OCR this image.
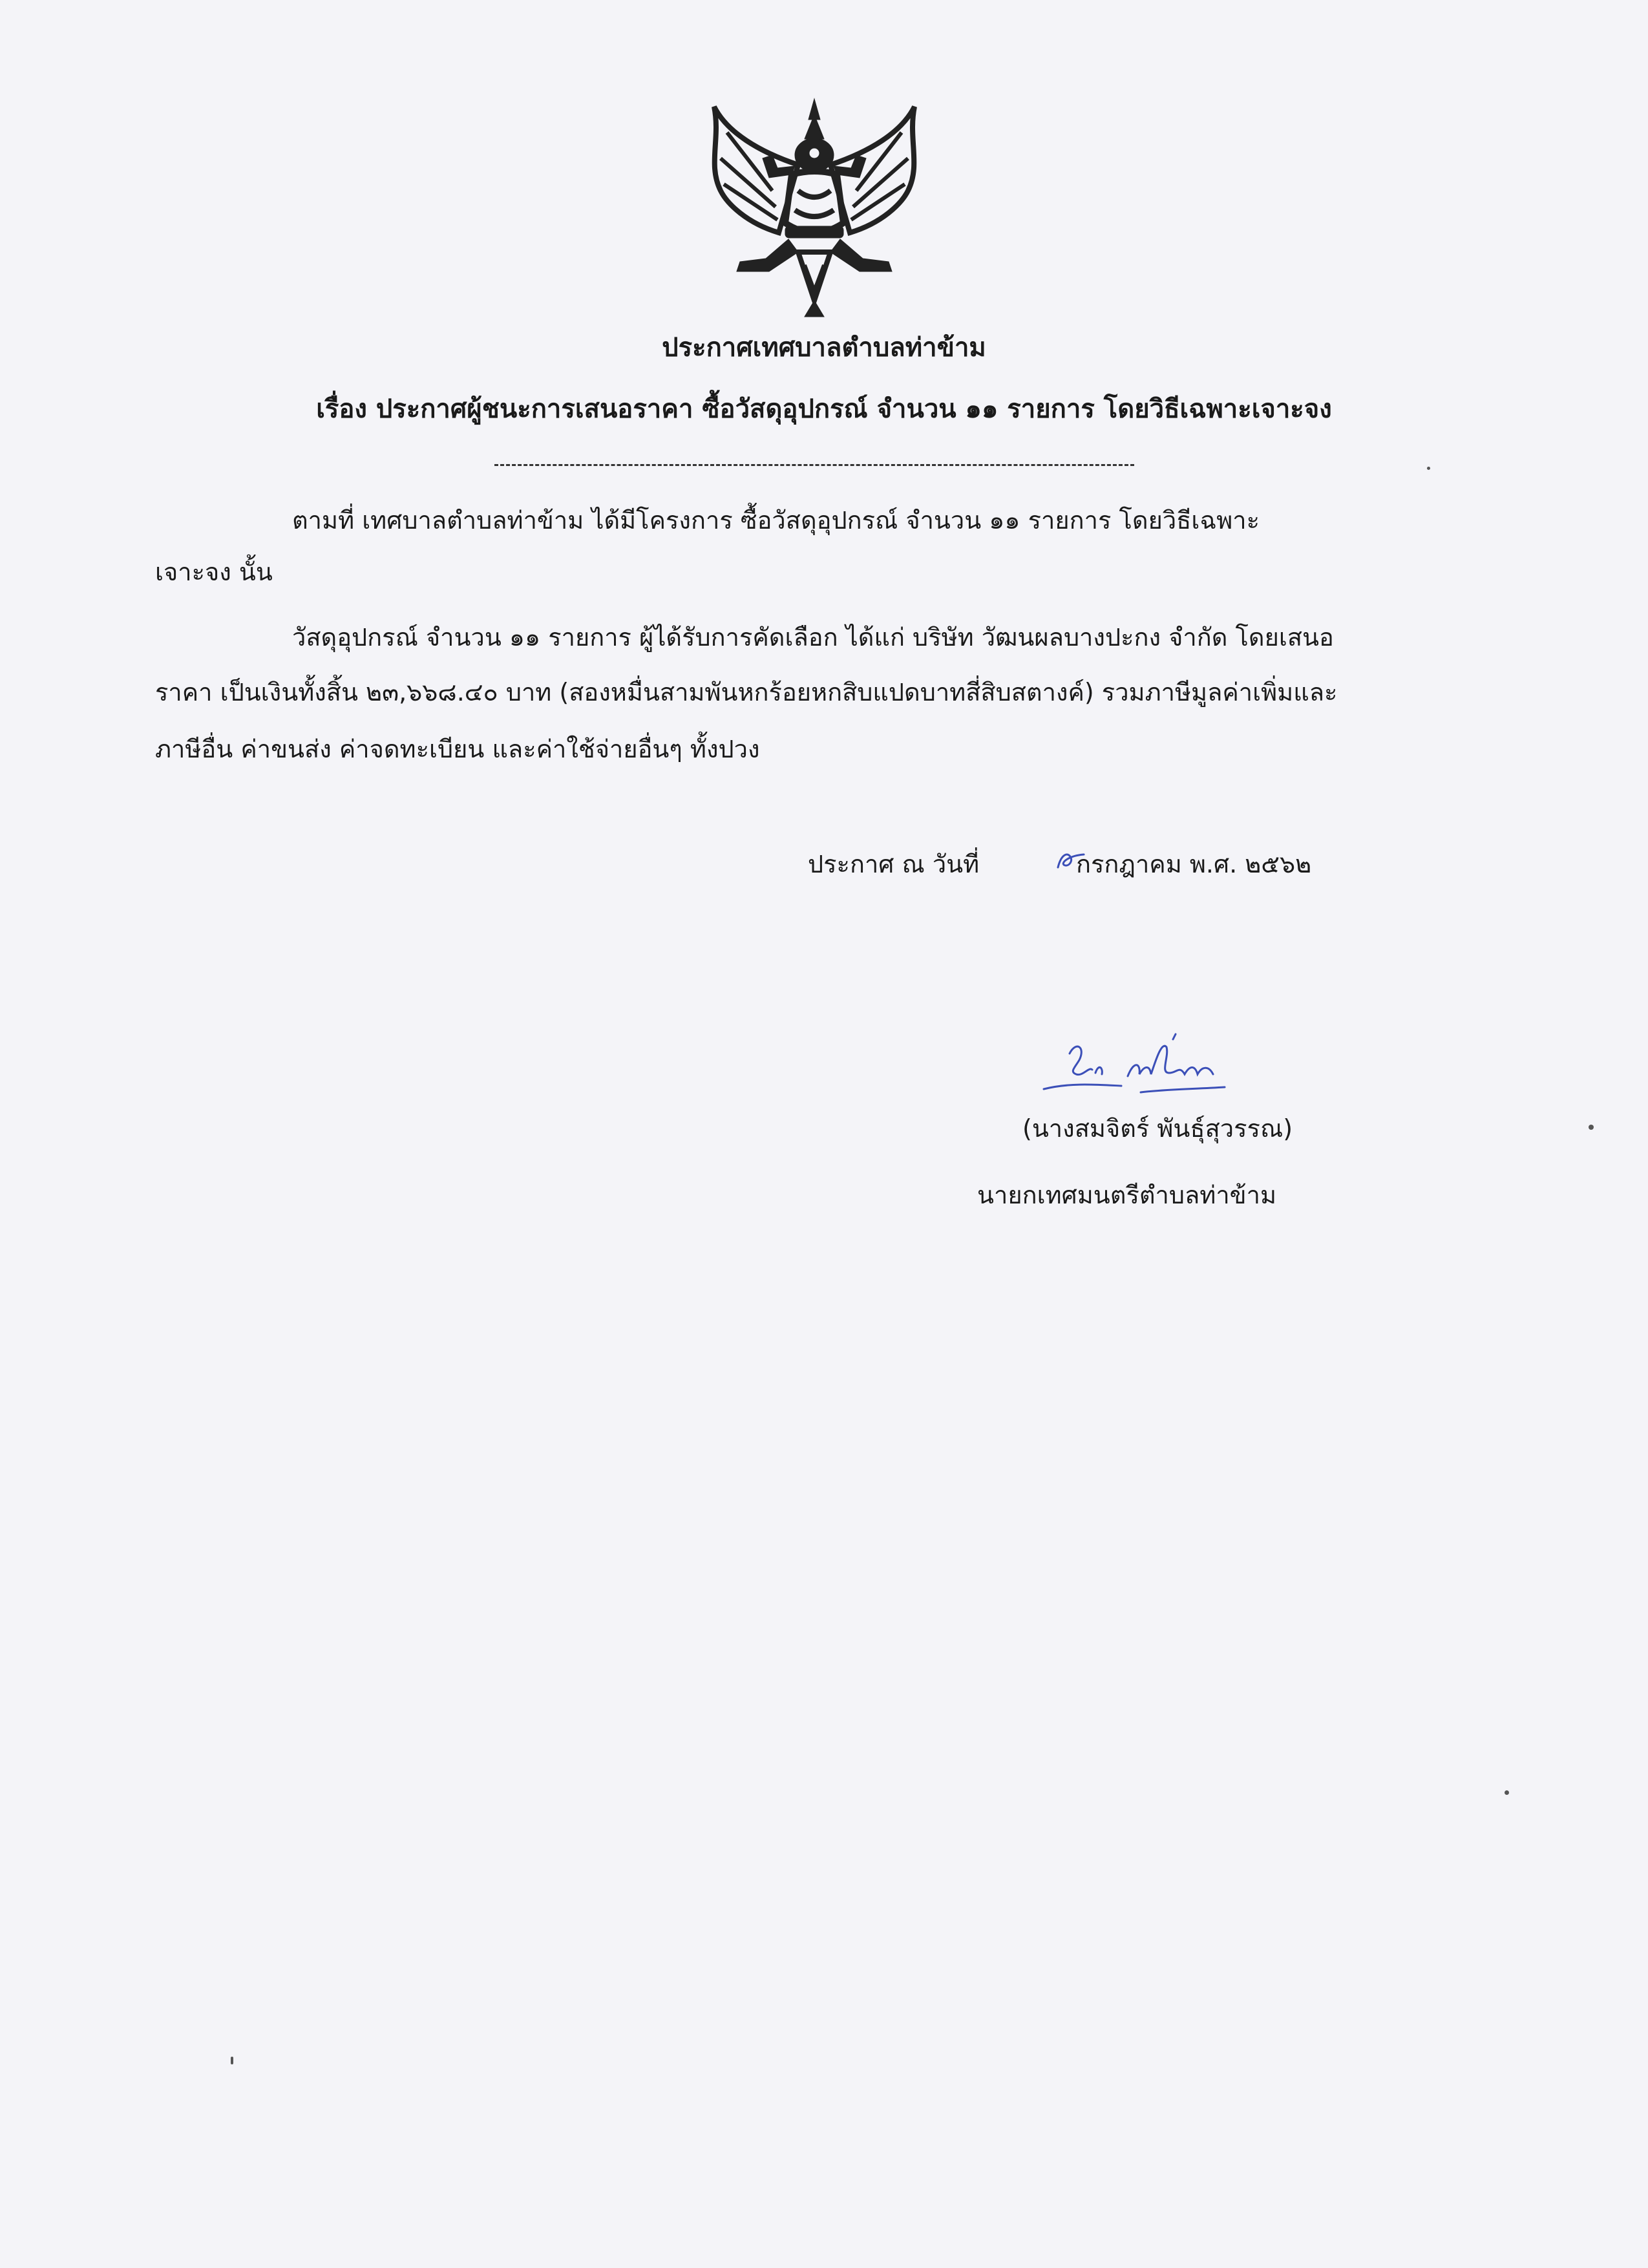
ประกาศเทศบาลตำบลท่าข้าม
เรื่อง ประกาศผู้ชนะการเสนอราคา ซื้อวัสดุอุปกรณ์ จำนวน ๑๑ รายการ โดยวิธีเฉพาะเจาะจง
ตามที่ เทศบาลตำบลท่าข้าม ได้มีโครงการ ซื้อวัสดุอุปกรณ์ จำนวน ๑๑ รายการ โดยวิธีเฉพาะ
เจาะจง นั้น
วัสดุอุปกรณ์ จำนวน ๑๑ รายการ ผู้ได้รับการคัดเลือก ได้แก่ บริษัท วัฒนผลบางปะกง จำกัด โดยเสนอ
ราคา เป็นเงินทั้งสิ้น ๒๓,๖๖๘.๔๐ บาท (สองหมื่นสามพันหกร้อยหกสิบแปดบาทสี่สิบสตางค์) รวมภาษีมูลค่าเพิ่มและ
ภาษีอื่น ค่าขนส่ง ค่าจดทะเบียน และค่าใช้จ่ายอื่นๆ ทั้งปวง
ประกาศ ณ วันที่	กรกฎาคม พ.ศ. ๒๕๖๒
(นางสมจิตร์ พันธุ์สุวรรณ)
นายกเทศมนตรีตำบลท่าข้าม
